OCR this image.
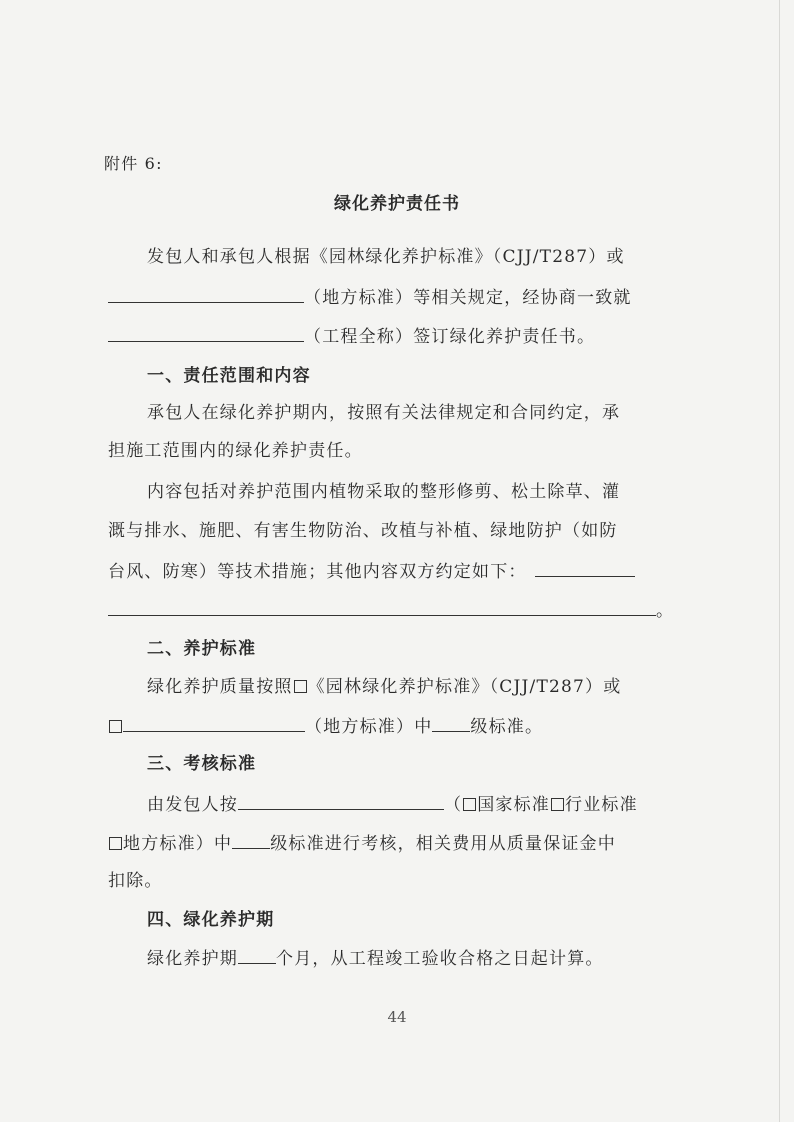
附件 6:
绿化养护责任书
发包人和承包人根据《园林绿化养护标准》（CJJ/T287）或
（地方标准）等相关规定，经协商一致就
（工程全称）签订绿化养护责任书。
一、责任范围和内容
承包人在绿化养护期内，按照有关法律规定和合同约定，承
担施工范围内的绿化养护责任。
内容包括对养护范围内植物采取的整形修剪、松土除草、灌
溉与排水、施肥、有害生物防治、改植与补植、绿地防护（如防
台风、防寒）等技术措施；其他内容双方约定如下：
。
二、养护标准
绿化养护质量按照 《园林绿化养护标准》（CJJ/T287）或
（地方标准）中 级标准。
三、考核标准
由发包人按	（ 国家标准 行业标准
地方标准）中 级标准进行考核，相关费用从质量保证金中
扣除。
四、绿化养护期
绿化养护期 个月，从工程竣工验收合格之日起计算。
44
